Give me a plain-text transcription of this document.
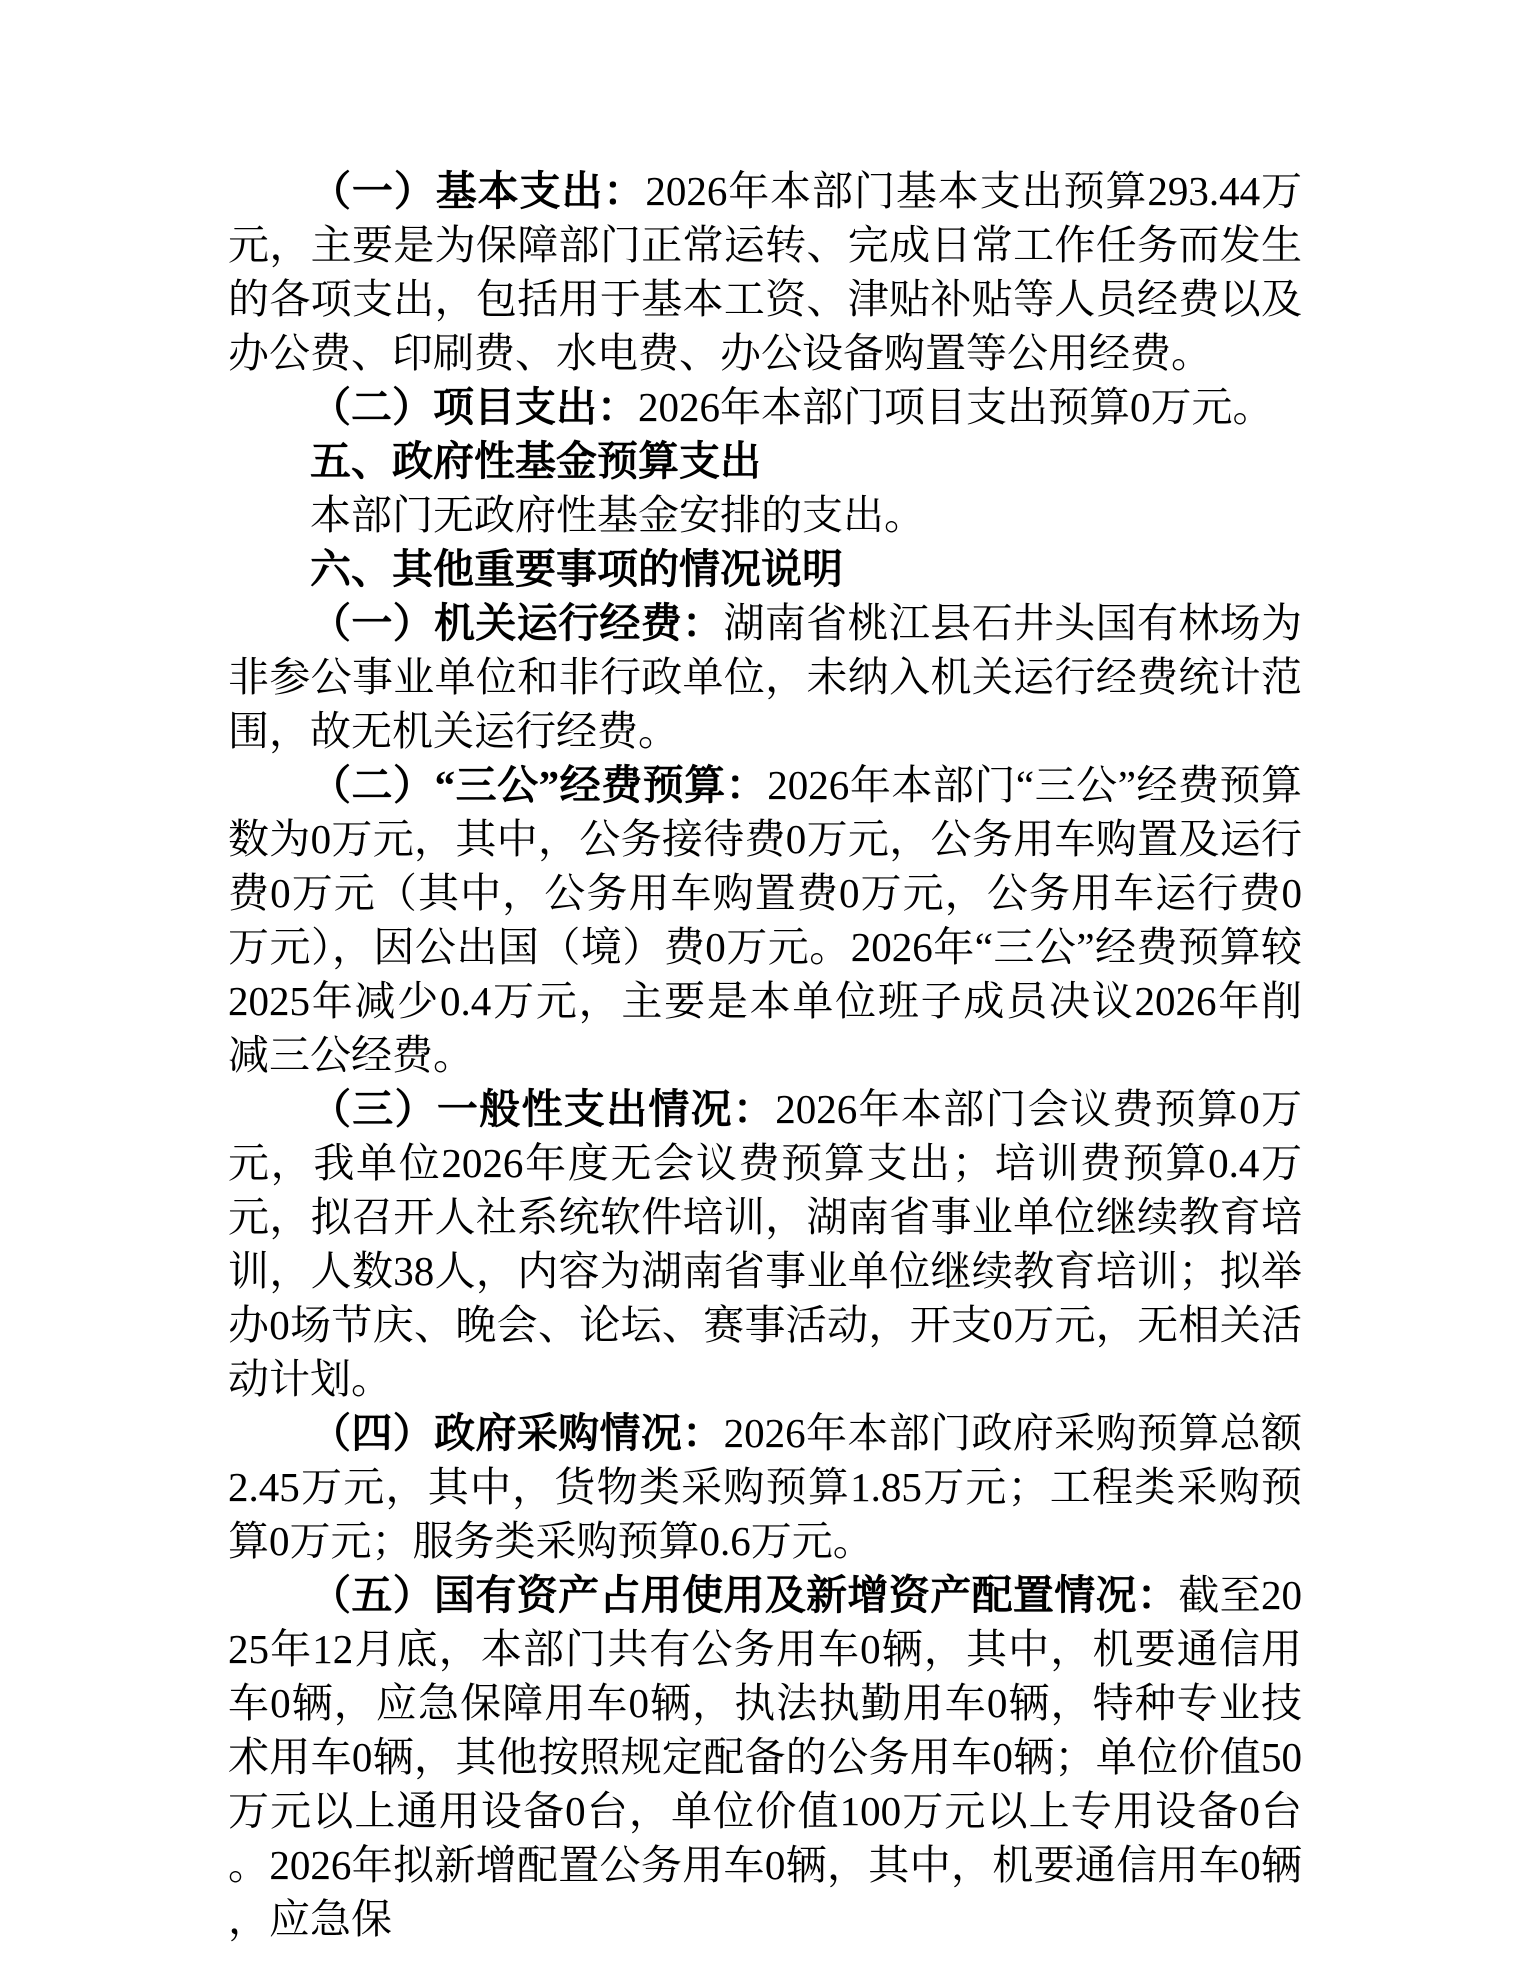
（一）基本支出：2026年本部门基本支出预算293.44万元，主要是为保障部门正常运转、完成日常工作任务而发生的各项支出，包括用于基本工资、津贴补贴等人员经费以及办公费、印刷费、水电费、办公设备购置等公用经费。
（二）项目支出：2026年本部门项目支出预算0万元。
五、政府性基金预算支出
本部门无政府性基金安排的支出。
六、其他重要事项的情况说明
（一）机关运行经费：湖南省桃江县石井头国有林场为非参公事业单位和非行政单位，未纳入机关运行经费统计范围，故无机关运行经费。
（二）“三公”经费预算：2026年本部门“三公”经费预算数为0万元，其中，公务接待费0万元，公务用车购置及运行费0万元（其中，公务用车购置费0万元，公务用车运行费0万元），因公出国（境）费0万元。2026年“三公”经费预算较2025年减少0.4万元，主要是本单位班子成员决议2026年削减三公经费。
（三）一般性支出情况：2026年本部门会议费预算0万元，我单位2026年度无会议费预算支出；培训费预算0.4万元，拟召开人社系统软件培训，湖南省事业单位继续教育培训，人数38人，内容为湖南省事业单位继续教育培训；拟举办0场节庆、晚会、论坛、赛事活动，开支0万元，无相关活动计划。
（四）政府采购情况：2026年本部门政府采购预算总额2.45万元，其中，货物类采购预算1.85万元；工程类采购预算0万元；服务类采购预算0.6万元。
（五）国有资产占用使用及新增资产配置情况：截至2025年12月底，本部门共有公务用车0辆，其中，机要通信用车0辆，应急保障用车0辆，执法执勤用车0辆，特种专业技术用车0辆，其他按照规定配备的公务用车0辆；单位价值50万元以上通用设备0台，单位价值100万元以上专用设备0台。2026年拟新增配置公务用车0辆，其中，机要通信用车0辆，应急保
